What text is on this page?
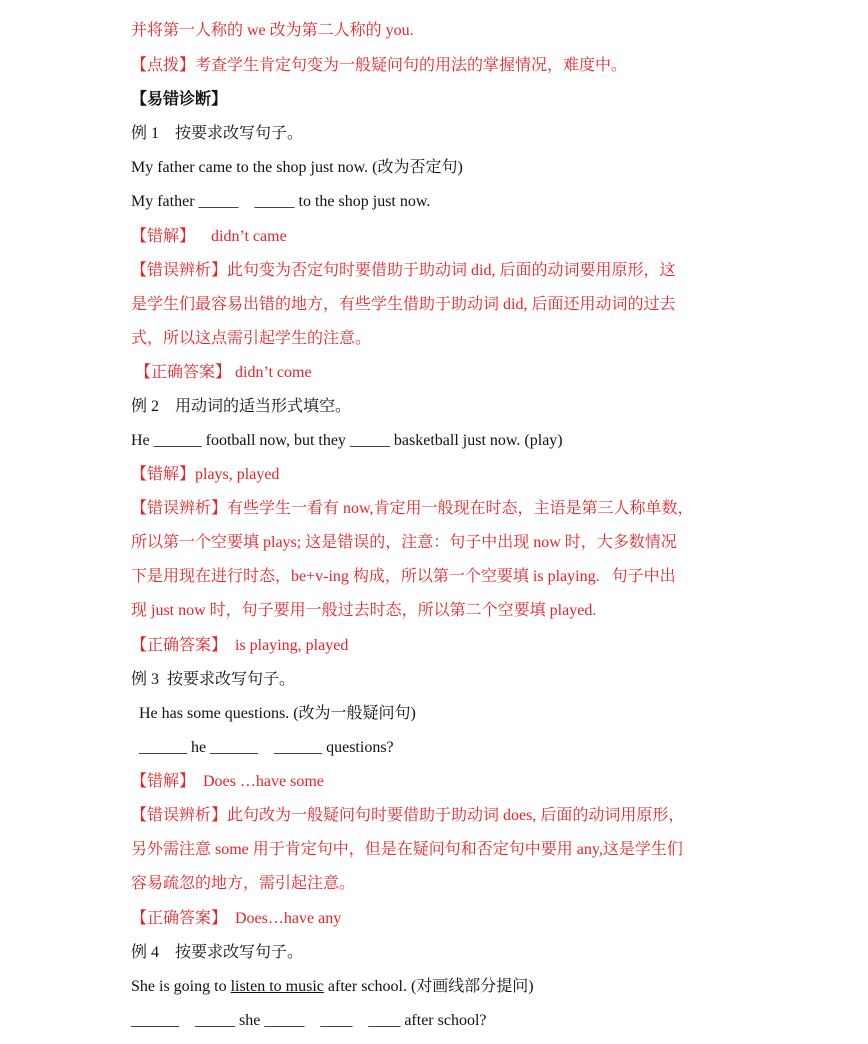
并将第一人称的 we 改为第二人称的 you.
【点拨】考查学生肯定句变为一般疑问句的用法的掌握情况，难度中。
【易错诊断】
例 1    按要求改写句子。
My father came to the shop just now. (改为否定句)
My father _____    _____ to the shop just now.
【错解】    didn’t came
【错误辨析】此句变为否定句时要借助于助动词 did, 后面的动词要用原形，这
是学生们最容易出错的地方，有些学生借助于助动词 did, 后面还用动词的过去
式，所以这点需引起学生的注意。
【正确答案】 didn’t come
例 2    用动词的适当形式填空。
He ______ football now, but they _____ basketball just now. (play)
【错解】plays, played
【错误辨析】有些学生一看有 now,肯定用一般现在时态，主语是第三人称单数，
所以第一个空要填 plays; 这是错误的，注意：句子中出现 now 时，大多数情况
下是用现在进行时态，be+v-ing 构成，所以第一个空要填 is playing.   句子中出
现 just now 时，句子要用一般过去时态，所以第二个空要填 played.
【正确答案】  is playing, played
例 3  按要求改写句子。
He has some questions. (改为一般疑问句)
______ he ______    ______ questions?
【错解】  Does …have some
【错误辨析】此句改为一般疑问句时要借助于助动词 does, 后面的动词用原形，
另外需注意 some 用于肯定句中，但是在疑问句和否定句中要用 any,这是学生们
容易疏忽的地方，需引起注意。
【正确答案】  Does…have any
例 4    按要求改写句子。
She is going to listen to music after school. (对画线部分提问)
______    _____ she _____    ____    ____ after school?
